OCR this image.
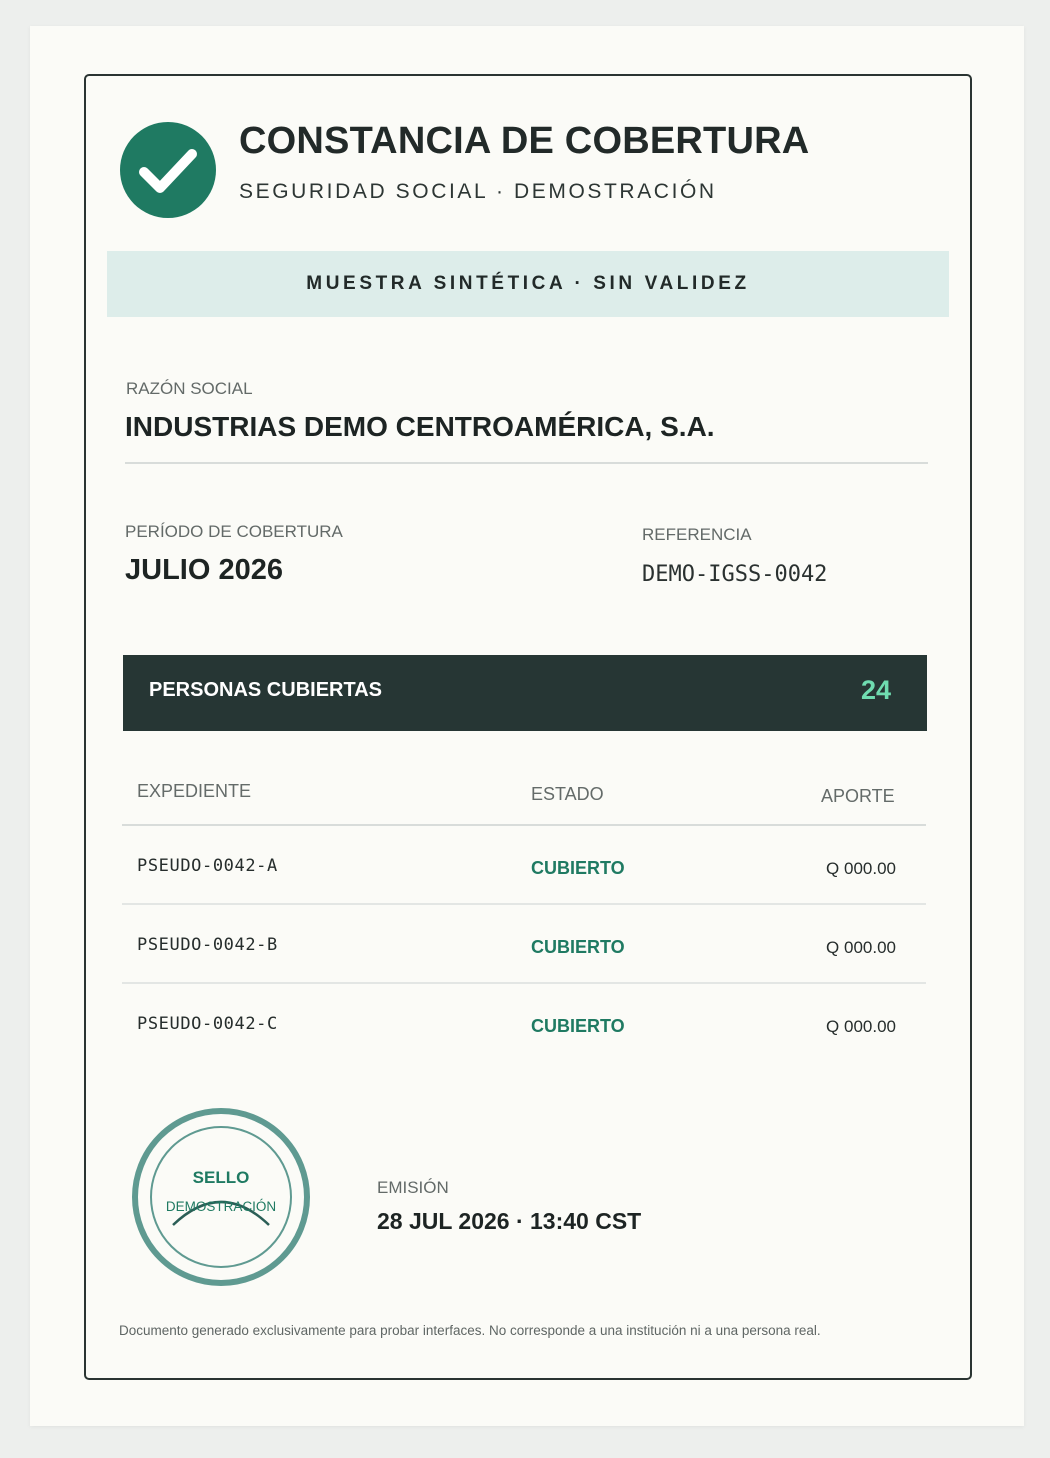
CONSTANCIA DE COBERTURA
SEGURIDAD SOCIAL · DEMOSTRACIÓN
MUESTRA SINTÉTICA · SIN VALIDEZ
RAZÓN SOCIAL
INDUSTRIAS DEMO CENTROAMÉRICA, S.A.
PERÍODO DE COBERTURA
JULIO 2026
REFERENCIA
DEMO-IGSS-0042
PERSONAS CUBIERTAS	24
EXPEDIENTE	ESTADO	APORTE
PSEUDO-0042-A	CUBIERTO	Q 000.00
PSEUDO-0042-B	CUBIERTO	Q 000.00
PSEUDO-0042-C	CUBIERTO	Q 000.00
SELLO
DEMOSTRACIÓN
EMISIÓN
28 JUL 2026 · 13:40 CST
Documento generado exclusivamente para probar interfaces. No corresponde a una institución ni a una persona real.
